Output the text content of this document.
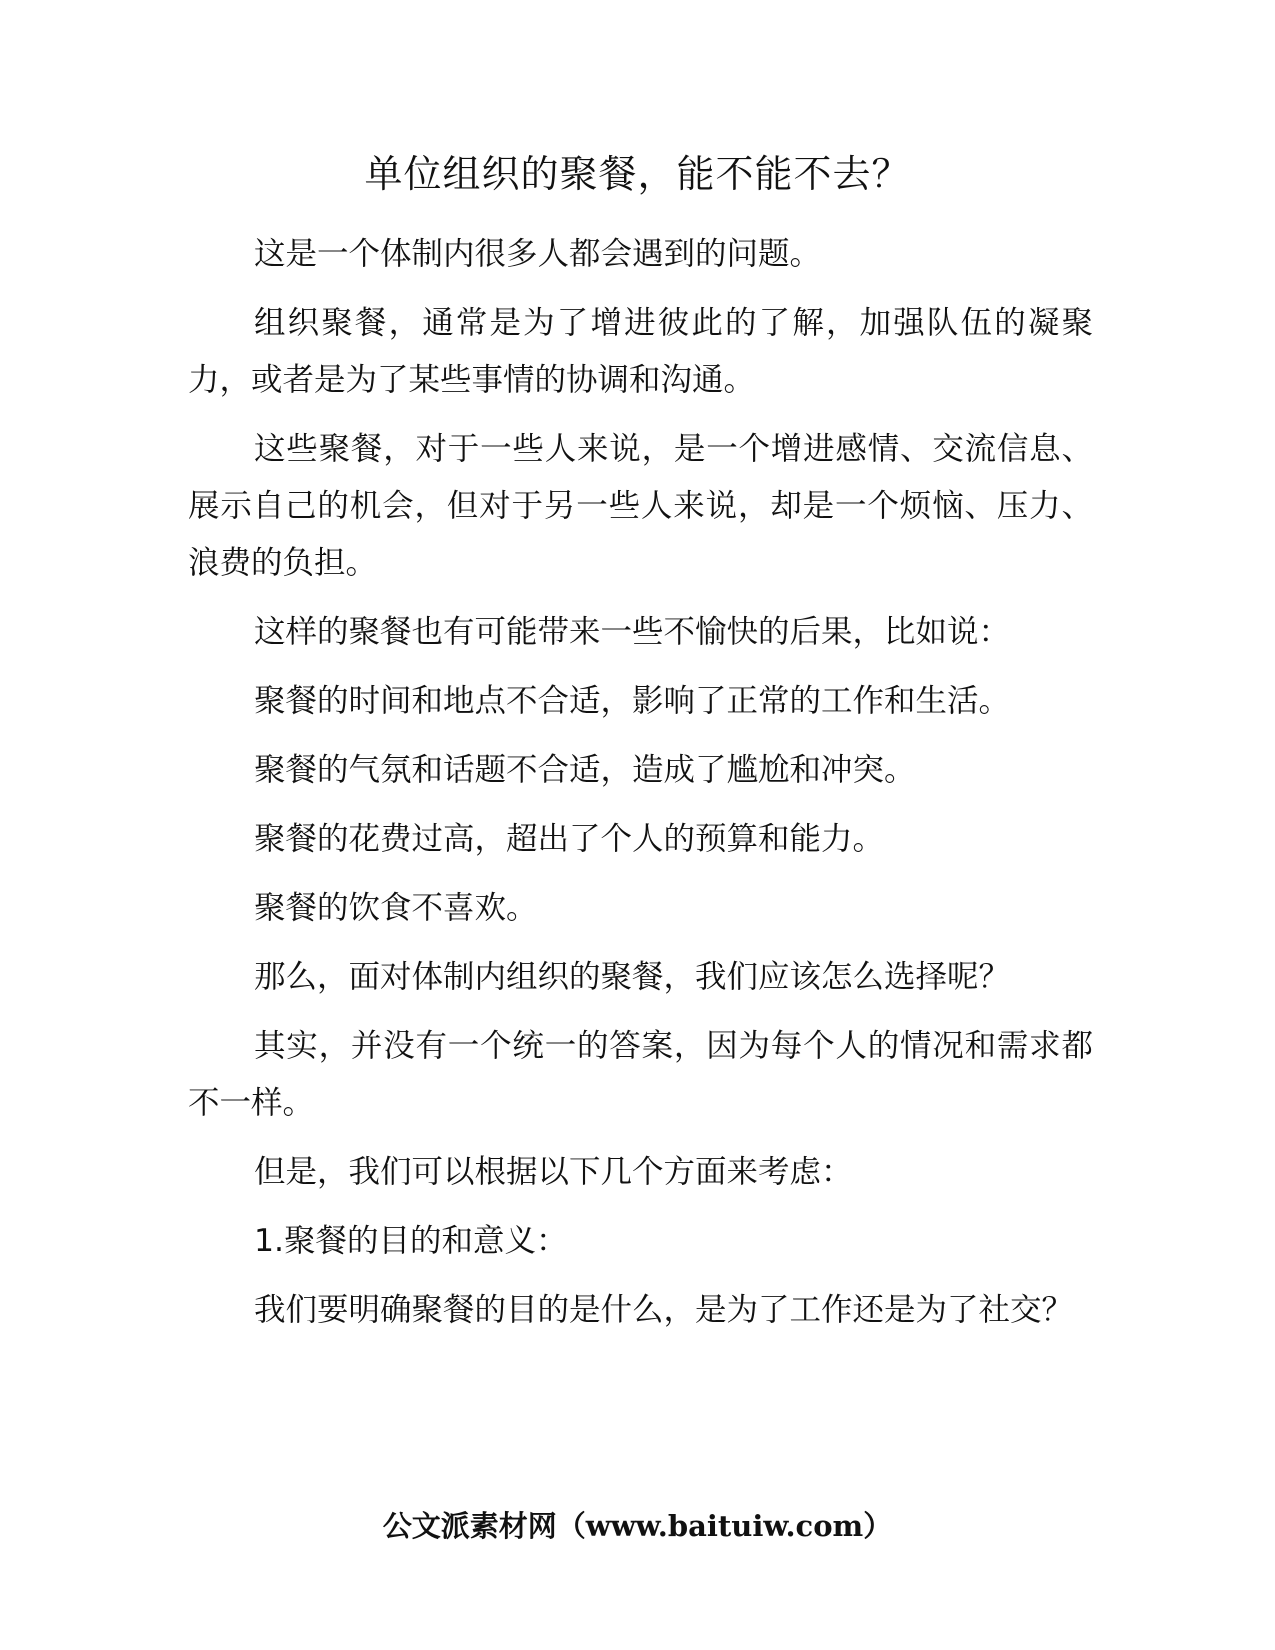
单位组织的聚餐，能不能不去？

这是一个体制内很多人都会遇到的问题。

组织聚餐，通常是为了增进彼此的了解，加强队伍的凝聚力，或者是为了某些事情的协调和沟通。

这些聚餐，对于一些人来说，是一个增进感情、交流信息、展示自己的机会，但对于另一些人来说，却是一个烦恼、压力、浪费的负担。

这样的聚餐也有可能带来一些不愉快的后果，比如说：

聚餐的时间和地点不合适，影响了正常的工作和生活。

聚餐的气氛和话题不合适，造成了尴尬和冲突。

聚餐的花费过高，超出了个人的预算和能力。

聚餐的饮食不喜欢。

那么，面对体制内组织的聚餐，我们应该怎么选择呢？

其实，并没有一个统一的答案，因为每个人的情况和需求都不一样。

但是，我们可以根据以下几个方面来考虑：

1.聚餐的目的和意义：

我们要明确聚餐的目的是什么，是为了工作还是为了社交？

公文派素材网（www.baituiw.com）
